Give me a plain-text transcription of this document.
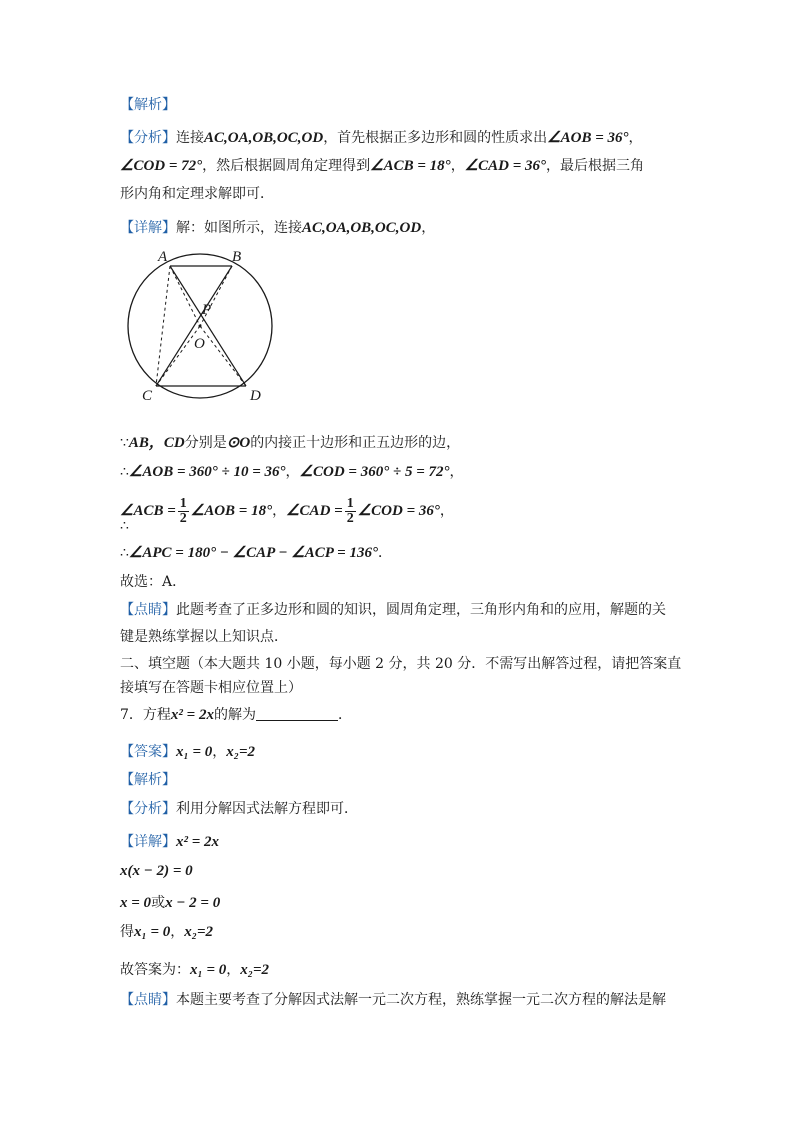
【解析】
【分析】连接AC,OA,OB,OC,OD，首先根据正多边形和圆的性质求出∠AOB = 36°，
∠COD = 72°，然后根据圆周角定理得到∠ACB = 18°，∠CAD = 36°，最后根据三角
形内角和定理求解即可．
【详解】解：如图所示，连接AC,OA,OB,OC,OD，
A	B
C	D
P
O
∵AB，CD分别是⊙O的内接正十边形和正五边形的边，
∴∠AOB = 360° ÷ 10 = 36°，∠COD = 360° ÷ 5 = 72°，
∠ACB = $\frac{1}{2}$ ∠AOB = 18°，∠CAD = $\frac{1}{2}$ ∠COD = 36°，
∴
∴∠APC = 180° − ∠CAP − ∠ACP = 136°．
故选：A．
【点睛】此题考查了正多边形和圆的知识，圆周角定理，三角形内角和的应用，解题的关
键是熟练掌握以上知识点．
二、填空题（本大题共 10 小题，每小题 2 分，共 20 分．不需写出解答过程，请把答案直
接填写在答题卡相应位置上）
7．方程x² = 2x的解为	．
【答案】x₁ = 0，x₂=2
【解析】
【分析】利用分解因式法解方程即可．
【详解】x² = 2x
x(x − 2) = 0
x = 0或x − 2 = 0
得x₁ = 0，x₂=2
故答案为：x₁ = 0，x₂=2
【点睛】本题主要考查了分解因式法解一元二次方程，熟练掌握一元二次方程的解法是解
